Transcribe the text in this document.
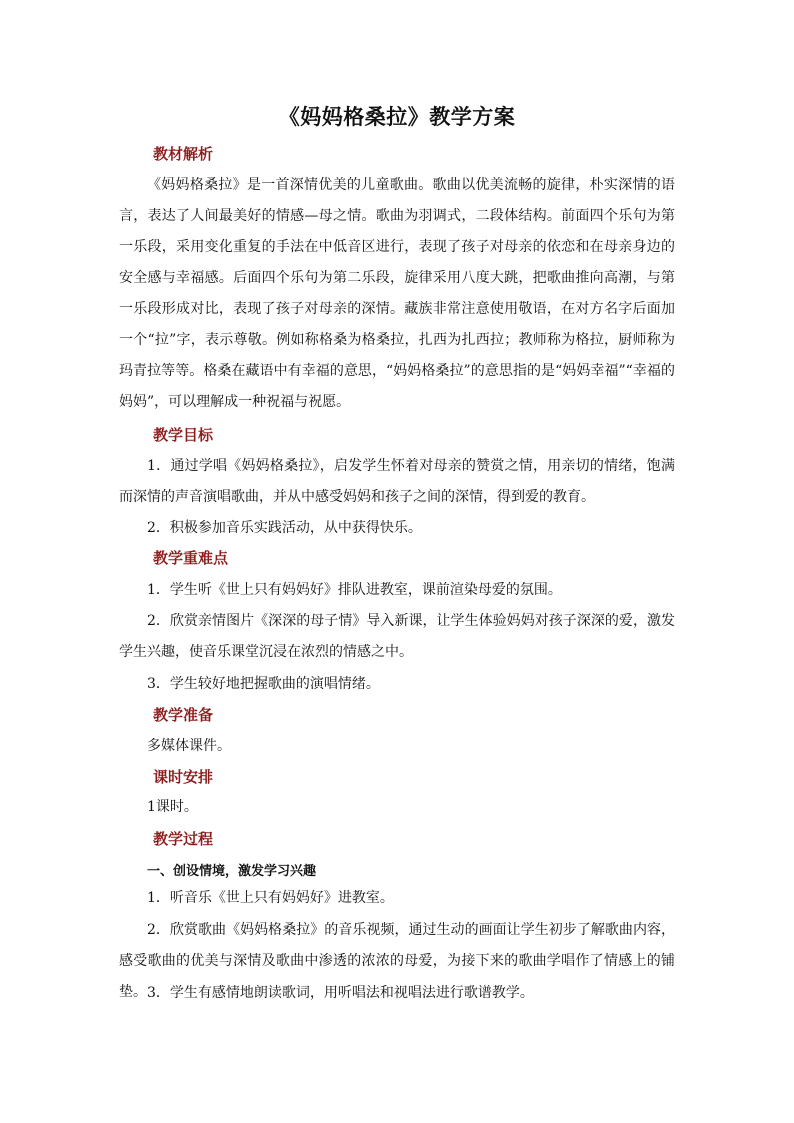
《妈妈格桑拉》教学方案
教材解析
《妈妈格桑拉》是一首深情优美的儿童歌曲。歌曲以优美流畅的旋律，朴实深情的语言，表达了人间最美好的情感—母之情。歌曲为羽调式，二段体结构。前面四个乐句为第一乐段，采用变化重复的手法在中低音区进行，表现了孩子对母亲的依恋和在母亲身边的安全感与幸福感。后面四个乐句为第二乐段，旋律采用八度大跳，把歌曲推向高潮，与第一乐段形成对比，表现了孩子对母亲的深情。藏族非常注意使用敬语，在对方名字后面加一个“拉”字，表示尊敬。例如称格桑为格桑拉，扎西为扎西拉；教师称为格拉，厨师称为玛青拉等等。格桑在藏语中有幸福的意思，“妈妈格桑拉”的意思指的是“妈妈幸福”“幸福的妈妈”，可以理解成一种祝福与祝愿。
教学目标
1．通过学唱《妈妈格桑拉》，启发学生怀着对母亲的赞赏之情，用亲切的情绪，饱满而深情的声音演唱歌曲，并从中感受妈妈和孩子之间的深情，得到爱的教育。
2．积极参加音乐实践活动，从中获得快乐。
教学重难点
1．学生听《世上只有妈妈好》排队进教室，课前渲染母爱的氛围。
2．欣赏亲情图片《深深的母子情》导入新课，让学生体验妈妈对孩子深深的爱，激发学生兴趣，使音乐课堂沉浸在浓烈的情感之中。
3．学生较好地把握歌曲的演唱情绪。
教学准备
多媒体课件。
课时安排
1课时。
教学过程
一、创设情境，激发学习兴趣
1．听音乐《世上只有妈妈好》进教室。
2．欣赏歌曲《妈妈格桑拉》的音乐视频，通过生动的画面让学生初步了解歌曲内容，感受歌曲的优美与深情及歌曲中渗透的浓浓的母爱，为接下来的歌曲学唱作了情感上的铺垫。 3．学生有感情地朗读歌词，用听唱法和视唱法进行歌谱教学。
